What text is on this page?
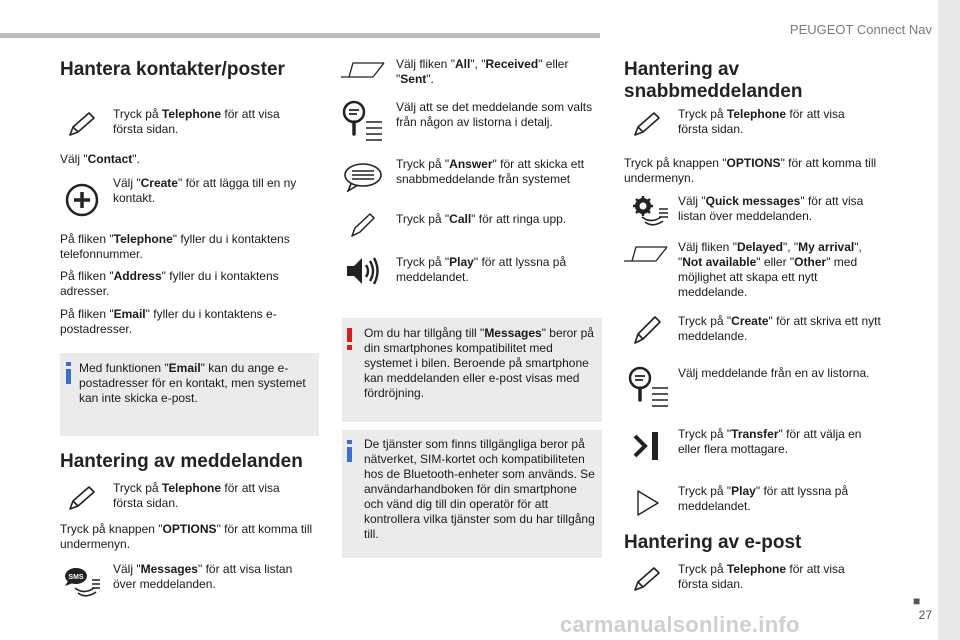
PEUGEOT Connect Nav
■
27
carmanualsonline.info
Hantera kontakter/poster
Tryck på Telephone för att visa första sidan.
Välj "Contact".
Välj "Create" för att lägga till en ny kontakt.
På fliken "Telephone" fyller du i kontaktens telefonnummer.
På fliken "Address" fyller du i kontaktens adresser.
På fliken "Email" fyller du i kontaktens e-postadresser.
Med funktionen "Email" kan du ange e-postadresser för en kontakt, men systemet kan inte skicka e-post.
Hantering av meddelanden
Tryck på Telephone för att visa första sidan.
Tryck på knappen "OPTIONS" för att komma till undermenyn.
SMS
Välj "Messages" för att visa listan över meddelanden.
Välj fliken "All", "Received" eller "Sent".
Välj att se det meddelande som valts från någon av listorna i detalj.
Tryck på "Answer" för att skicka ett snabbmeddelande från systemet
Tryck på "Call" för att ringa upp.
Tryck på "Play" för att lyssna på meddelandet.
Om du har tillgång till "Messages" beror på din smartphones kompatibilitet med systemet i bilen. Beroende på smartphone kan meddelanden eller e-post visas med fördröjning.
De tjänster som finns tillgängliga beror på nätverket, SIM-kortet och kompatibiliteten hos de Bluetooth-enheter som används. Se användarhandboken för din smartphone och vänd dig till din operatör för att kontrollera vilka tjänster som du har tillgång till.
Hantering av snabbmeddelanden
Tryck på Telephone för att visa första sidan.
Tryck på knappen "OPTIONS" för att komma till undermenyn.
Välj "Quick messages" för att visa listan över meddelanden.
Välj fliken "Delayed", "My arrival", "Not available" eller "Other" med möjlighet att skapa ett nytt meddelande.
Tryck på "Create" för att skriva ett nytt meddelande.
Välj meddelande från en av listorna.
Tryck på "Transfer" för att välja en eller flera mottagare.
Tryck på "Play" för att lyssna på meddelandet.
Hantering av e-post
Tryck på Telephone för att visa första sidan.
